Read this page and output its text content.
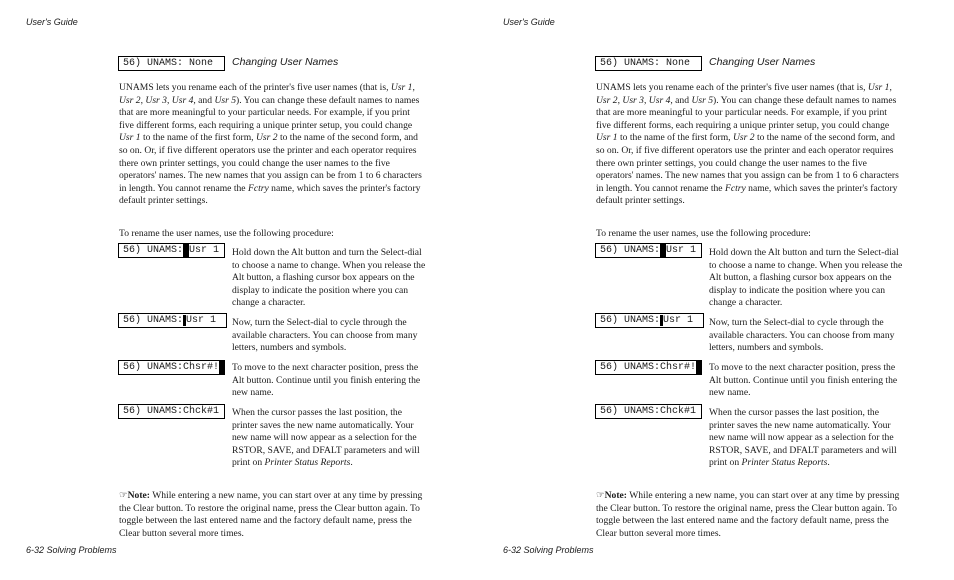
User's Guide
56) UNAMS: None	Changing User Names

UNAMS lets you rename each of the printer's five user names (that is, Usr 1, Usr 2, Usr 3, Usr 4, and Usr 5). You can change these default names to names that are more meaningful to your particular needs. For example, if you print five different forms, each requiring a unique printer setup, you could change Usr 1 to the name of the first form, Usr 2 to the name of the second form, and so on. Or, if five different operators use the printer and each operator requires there own printer settings, you could change the user names to the five operators' names. The new names that you assign can be from 1 to 6 characters in length. You cannot rename the Fctry name, which saves the printer's factory default printer settings.

To rename the user names, use the following procedure:

56) UNAMS: Usr 1	Hold down the Alt button and turn the Select-dial to choose a name to change. When you release the Alt button, a flashing cursor box appears on the display to indicate the position where you can change a character.

56) UNAMS: Usr 1	Now, turn the Select-dial to cycle through the available characters. You can choose from many letters, numbers and symbols.

56) UNAMS:Chsr#!	To move to the next character position, press the Alt button. Continue until you finish entering the new name.

56) UNAMS:Chck#1	When the cursor passes the last position, the printer saves the new name automatically. Your new name will now appear as a selection for the RSTOR, SAVE, and DFALT parameters and will print on Printer Status Reports.

☞Note: While entering a new name, you can start over at any time by pressing the Clear button. To restore the original name, press the Clear button again. To toggle between the last entered name and the factory default name, press the Clear button several more times.

6-32 Solving Problems
User's Guide
56) UNAMS: None	Changing User Names

UNAMS lets you rename each of the printer's five user names (that is, Usr 1, Usr 2, Usr 3, Usr 4, and Usr 5). You can change these default names to names that are more meaningful to your particular needs. For example, if you print five different forms, each requiring a unique printer setup, you could change Usr 1 to the name of the first form, Usr 2 to the name of the second form, and so on. Or, if five different operators use the printer and each operator requires there own printer settings, you could change the user names to the five operators' names. The new names that you assign can be from 1 to 6 characters in length. You cannot rename the Fctry name, which saves the printer's factory default printer settings.

To rename the user names, use the following procedure:

56) UNAMS: Usr 1	Hold down the Alt button and turn the Select-dial to choose a name to change. When you release the Alt button, a flashing cursor box appears on the display to indicate the position where you can change a character.

56) UNAMS: Usr 1	Now, turn the Select-dial to cycle through the available characters. You can choose from many letters, numbers and symbols.

56) UNAMS:Chsr#!	To move to the next character position, press the Alt button. Continue until you finish entering the new name.

56) UNAMS:Chck#1	When the cursor passes the last position, the printer saves the new name automatically. Your new name will now appear as a selection for the RSTOR, SAVE, and DFALT parameters and will print on Printer Status Reports.

☞Note: While entering a new name, you can start over at any time by pressing the Clear button. To restore the original name, press the Clear button again. To toggle between the last entered name and the factory default name, press the Clear button several more times.

6-32 Solving Problems
